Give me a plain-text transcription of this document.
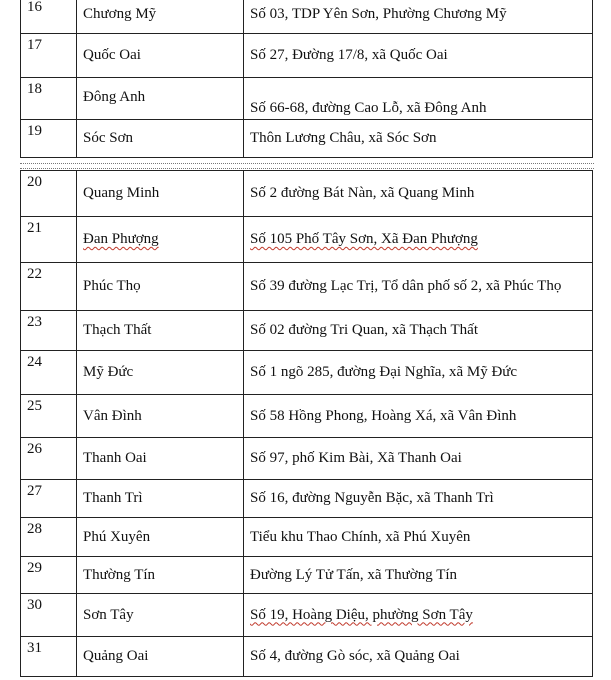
16	Chương Mỹ	Số 03, TDP Yên Sơn, Phường Chương Mỹ
17	Quốc Oai	Số 27, Đường 17/8, xã Quốc Oai
18	Đông Anh	Số 66-68, đường Cao Lỗ, xã Đông Anh
19	Sóc Sơn	Thôn Lương Châu, xã Sóc Sơn
20	Quang Minh	Số 2 đường Bát Nàn, xã Quang Minh
21	Đan Phượng	Số 105 Phố Tây Sơn, Xã Đan Phượng
22	Phúc Thọ	Số 39 đường Lạc Trị, Tổ dân phố số 2, xã Phúc Thọ
23	Thạch Thất	Số 02 đường Tri Quan, xã Thạch Thất
24	Mỹ Đức	Số 1 ngõ 285, đường Đại Nghĩa, xã Mỹ Đức
25	Vân Đình	Số 58 Hồng Phong, Hoàng Xá, xã Vân Đình
26	Thanh Oai	Số 97, phố Kim Bài, Xã Thanh Oai
27	Thanh Trì	Số 16, đường Nguyễn Bặc, xã Thanh Trì
28	Phú Xuyên	Tiểu khu Thao Chính, xã Phú Xuyên
29	Thường Tín	Đường Lý Tử Tấn, xã Thường Tín
30	Sơn Tây	Số 19, Hoàng Diệu, phường Sơn Tây
31	Quảng Oai	Số 4, đường Gò sóc, xã Quảng Oai
